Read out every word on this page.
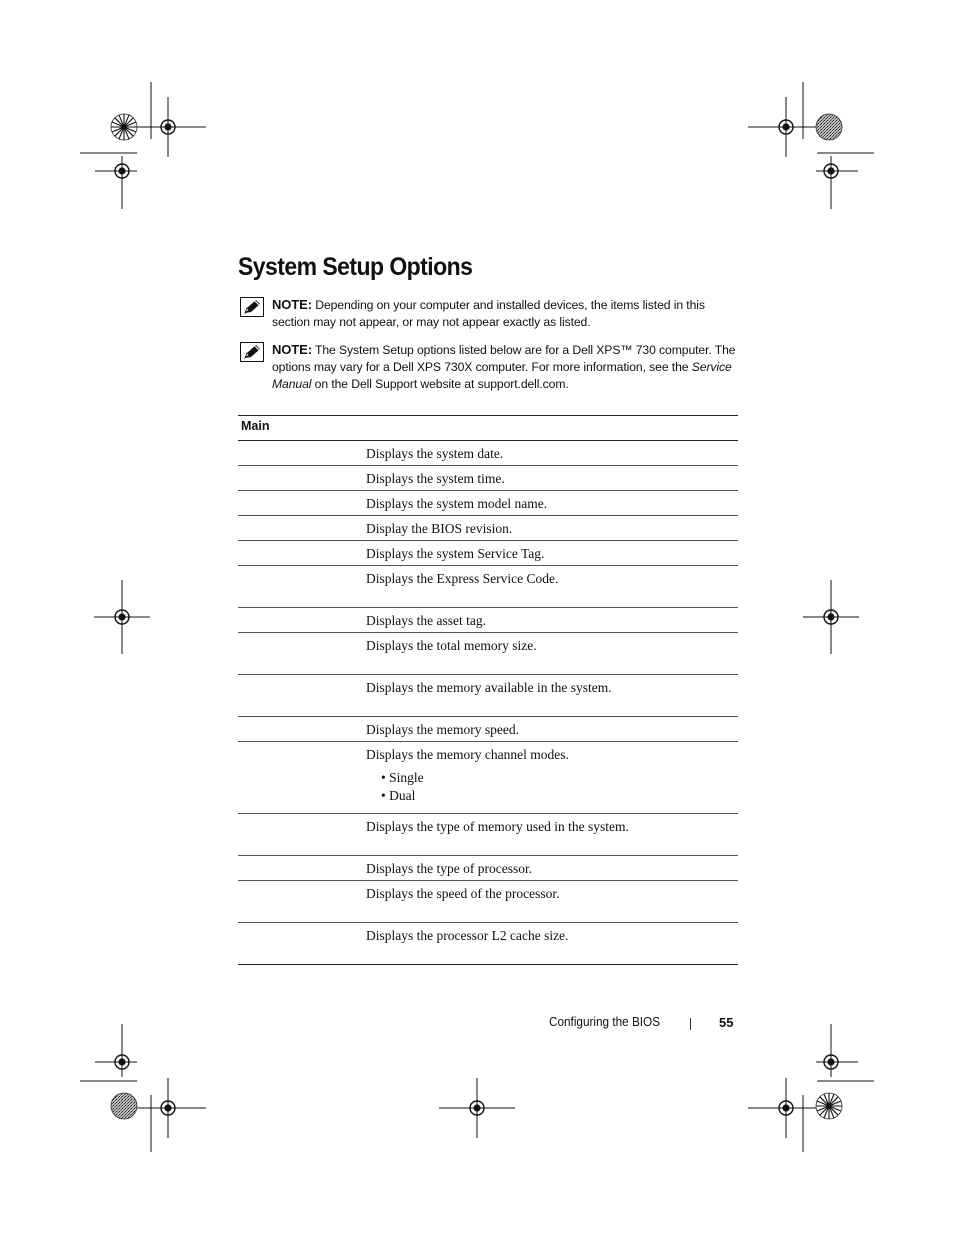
System Setup Options
NOTE: Depending on your computer and installed devices, the items listed in this section may not appear, or may not appear exactly as listed.
NOTE: The System Setup options listed below are for a Dell XPS™ 730 computer. The options may vary for a Dell XPS 730X computer. For more information, see the Service Manual on the Dell Support website at support.dell.com.
Main	
	Displays the system date.
	Displays the system time.
	Displays the system model name.
	Display the BIOS revision.
	Displays the system Service Tag.
	Displays the Express Service Code.
	Displays the asset tag.
	Displays the total memory size.
	Displays the memory available in the system.
	Displays the memory speed.
	Displays the memory channel modes.
• Single
• Dual

	Displays the type of memory used in the system.
	Displays the type of processor.
	Displays the speed of the processor.
	Displays the processor L2 cache size.
Configuring the BIOS	55
